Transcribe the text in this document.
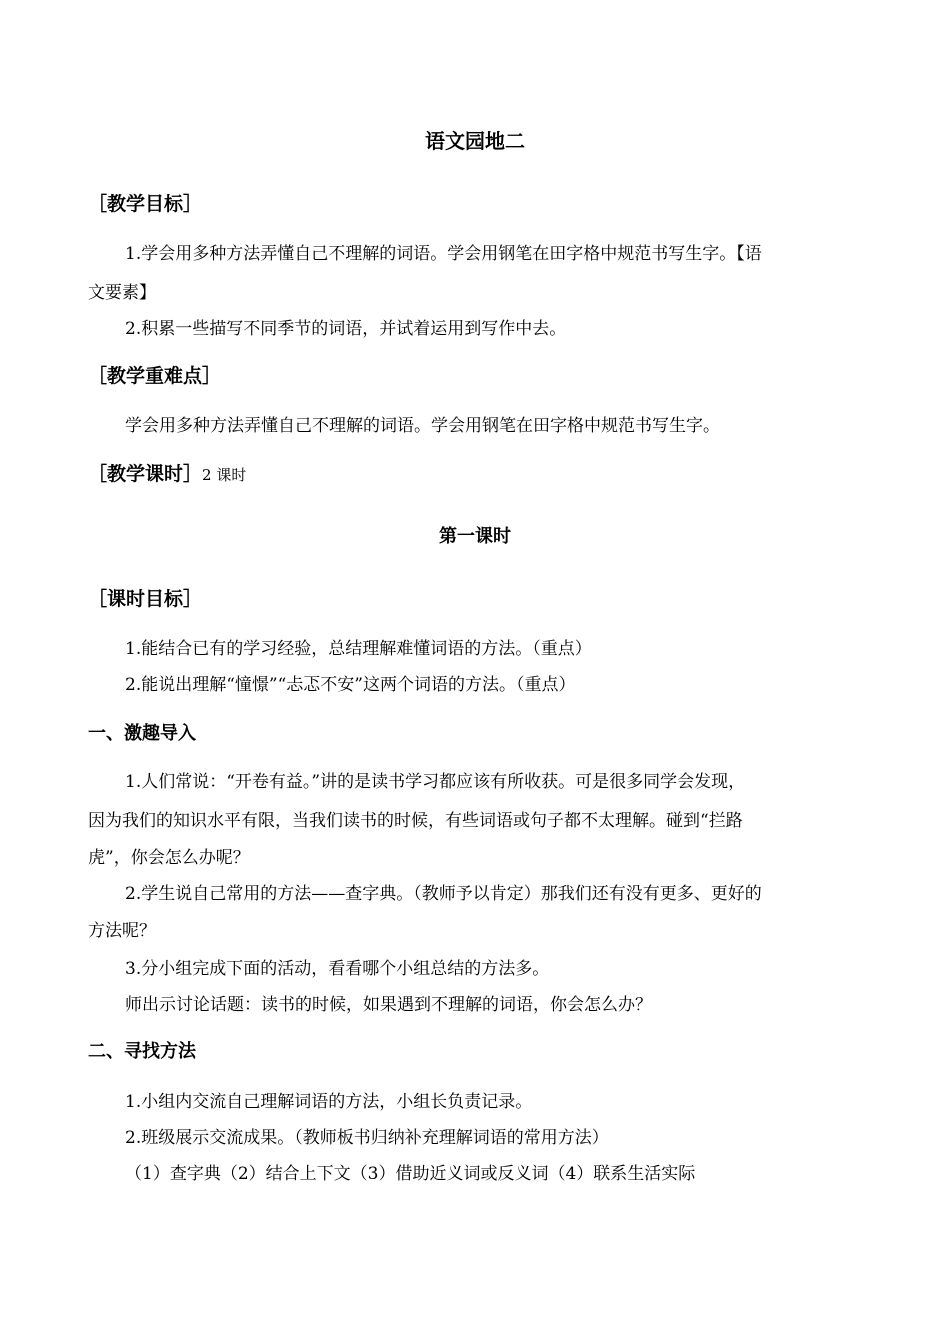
语文园地二
［教学目标］
1.学会用多种方法弄懂自己不理解的词语。学会用钢笔在田字格中规范书写生字。【语
文要素】
2.积累一些描写不同季节的词语，并试着运用到写作中去。
［教学重难点］
学会用多种方法弄懂自己不理解的词语。学会用钢笔在田字格中规范书写生字。
［教学课时］2 课时
第一课时
［课时目标］
1.能结合已有的学习经验，总结理解难懂词语的方法。（重点）
2.能说出理解“憧憬”“忐忑不安”这两个词语的方法。（重点）
一、激趣导入
1.人们常说：“开卷有益。”讲的是读书学习都应该有所收获。可是很多同学会发现，
因为我们的知识水平有限，当我们读书的时候，有些词语或句子都不太理解。碰到“拦路
虎”，你会怎么办呢？
2.学生说自己常用的方法——查字典。（教师予以肯定）那我们还有没有更多、更好的
方法呢？
3.分小组完成下面的活动，看看哪个小组总结的方法多。
师出示讨论话题：读书的时候，如果遇到不理解的词语，你会怎么办？
二、寻找方法
1.小组内交流自己理解词语的方法，小组长负责记录。
2.班级展示交流成果。（教师板书归纳补充理解词语的常用方法）
（1）查字典（2）结合上下文（3）借助近义词或反义词（4）联系生活实际
